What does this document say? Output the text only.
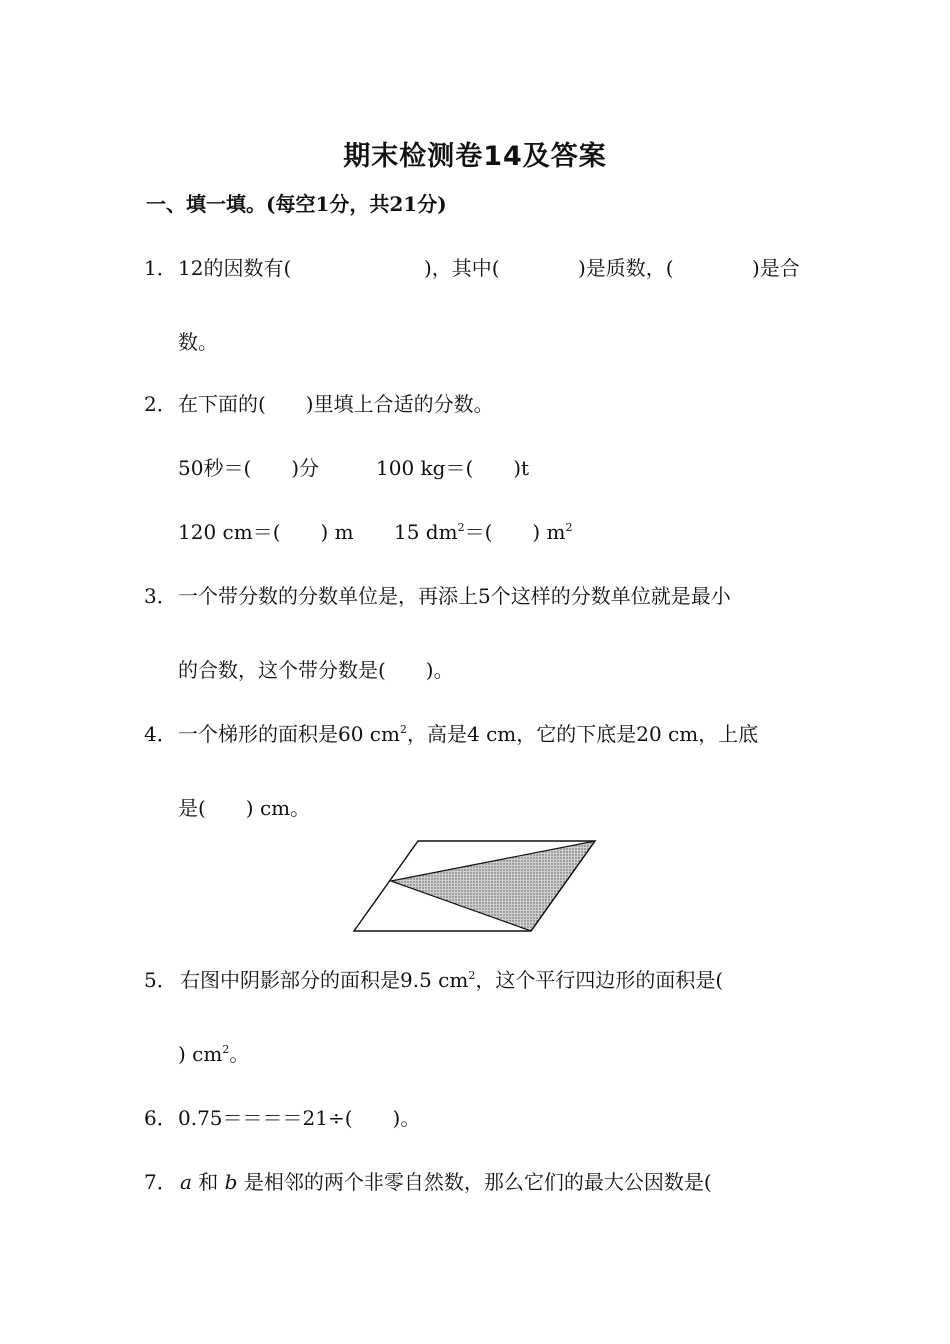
期末检测卷14及答案
一、填一填。(每空1分，共21分)
1． 12的因数有(	)，其中(	)是质数，(	)是合
数。
2． 在下面的(　　)里填上合适的分数。
50秒＝(　　)分	100 kg＝(　　)t
120 cm＝(　　) m 15 $dm^2=$(　　) $m^2$
3． 一个带分数的分数单位是，再添上5个这样的分数单位就是最小
的合数，这个带分数是(　　)。
4． 一个梯形的面积是60 $cm^2$，高是4 cm，它的下底是20 cm，上底
是(　　) cm。
5． 右图中阴影部分的面积是9.5 $cm^2$，这个平行四边形的面积是(
) $cm^2$。
6． 0.75＝＝＝＝21÷(　　)。
7． a 和 b 是相邻的两个非零自然数，那么它们的最大公因数是(
